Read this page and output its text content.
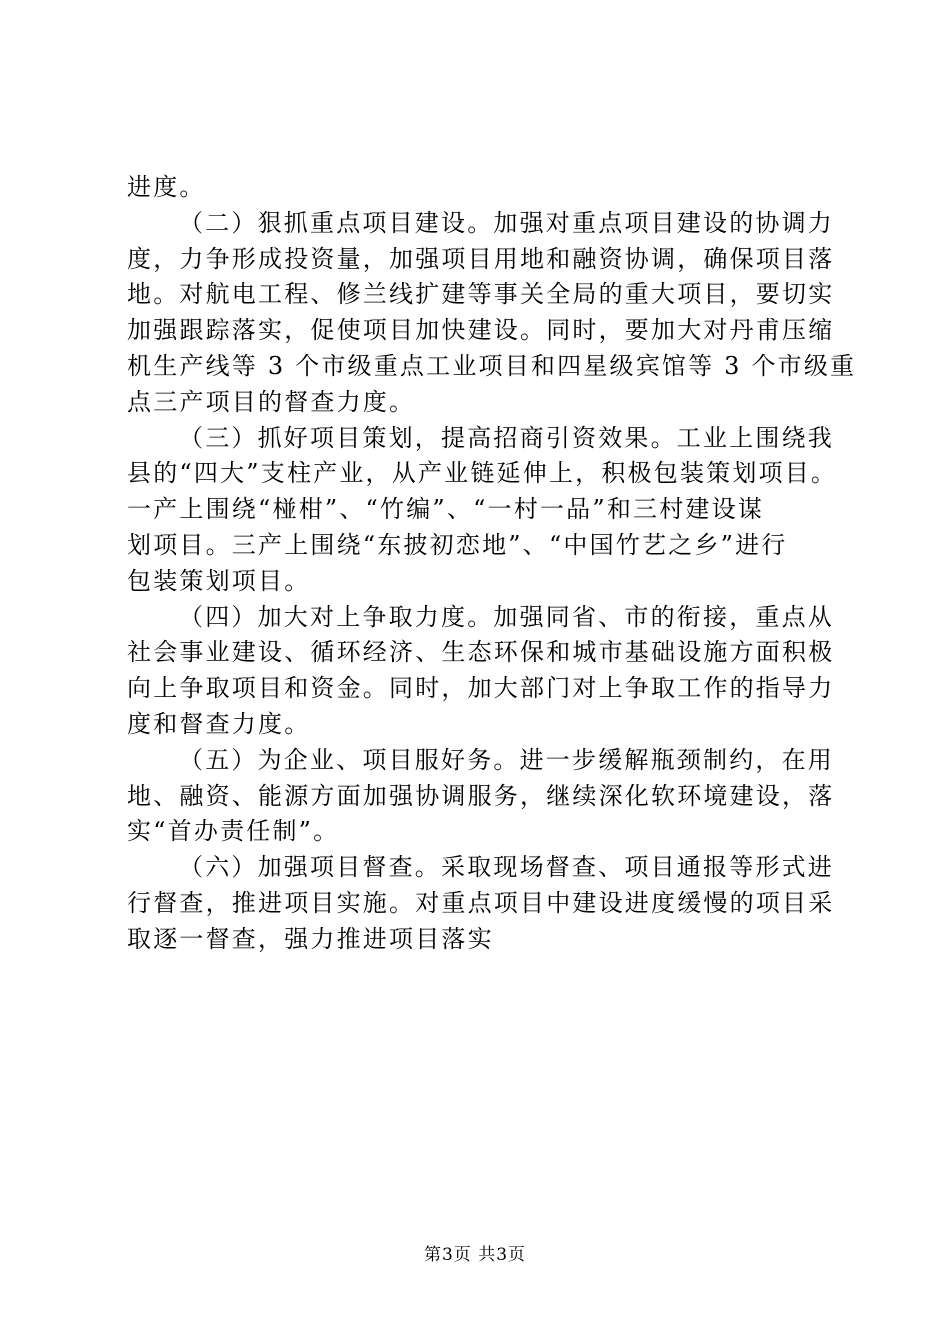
进度。
（二）狠抓重点项目建设。加强对重点项目建设的协调力
度，力争形成投资量，加强项目用地和融资协调，确保项目落
地。对航电工程、修兰线扩建等事关全局的重大项目，要切实
加强跟踪落实，促使项目加快建设。同时，要加大对丹甫压缩
机生产线等 3 个市级重点工业项目和四星级宾馆等 3 个市级重
点三产项目的督查力度。
（三）抓好项目策划，提高招商引资效果。工业上围绕我
县的“四大”支柱产业，从产业链延伸上，积极包装策划项目。
一产上围绕“椪柑”、“竹编”、“一村一品”和三村建设谋
划项目。三产上围绕“东披初恋地”、“中国竹艺之乡”进行
包装策划项目。
（四）加大对上争取力度。加强同省、市的衔接，重点从
社会事业建设、循环经济、生态环保和城市基础设施方面积极
向上争取项目和资金。同时，加大部门对上争取工作的指导力
度和督查力度。
（五）为企业、项目服好务。进一步缓解瓶颈制约，在用
地、融资、能源方面加强协调服务，继续深化软环境建设，落
实“首办责任制”。
（六）加强项目督查。采取现场督查、项目通报等形式进
行督查，推进项目实施。对重点项目中建设进度缓慢的项目采
取逐一督查，强力推进项目落实
第3页 共3页
